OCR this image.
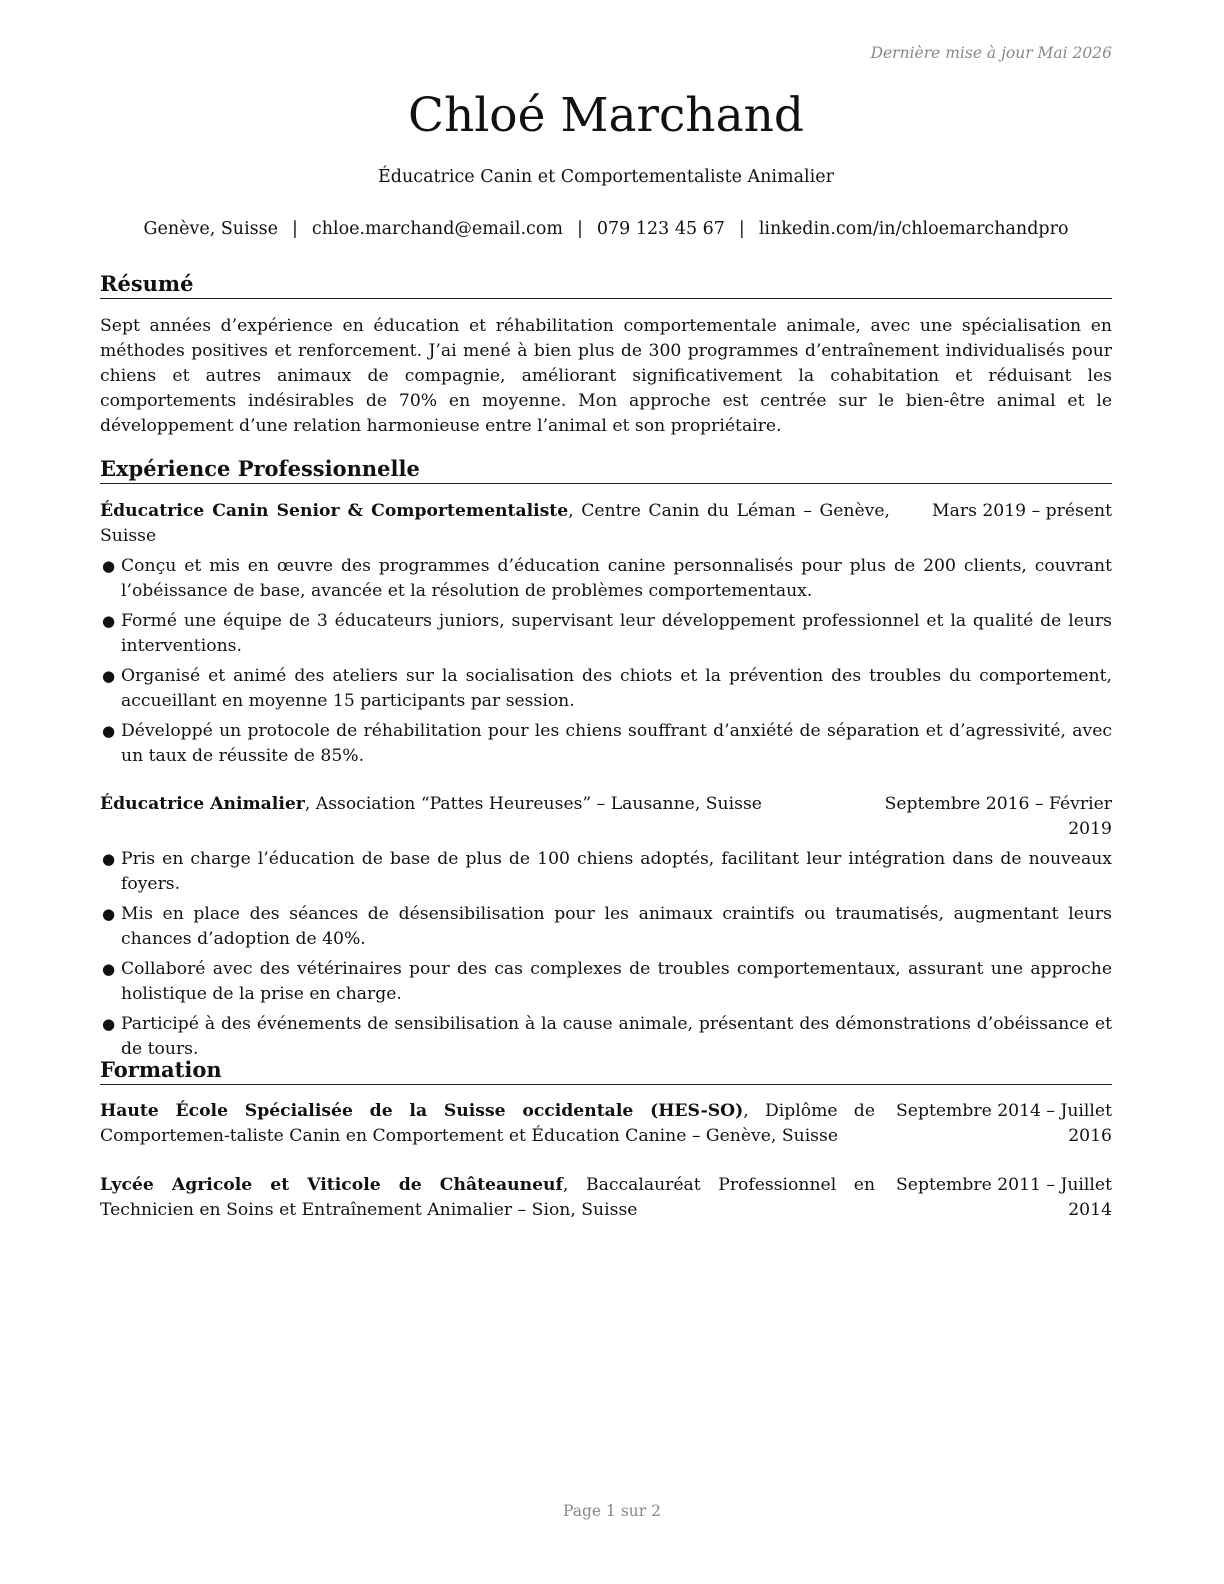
Dernière mise à jour Mai 2026
Chloé Marchand
Éducatrice Canin et Comportementaliste Animalier
Genève, Suisse | chloe.marchand@email.com | 079 123 45 67 | linkedin.com/in/chloemarchandpro
Résumé

Sept années d’expérience en éducation et réhabilitation comportementale animale, avec une spécialisation en méthodes positives et renforcement. J’ai mené à bien plus de 300 programmes d’entraînement individualisés pour chiens et autres animaux de compagnie, améliorant significativement la cohabitation et réduisant les comportements indésirables de 70% en moyenne. Mon approche est centrée sur le bien-être animal et le développement d’une relation harmonieuse entre l’animal et son propriétaire.

Expérience Professionnelle
Éducatrice Canin Senior & Comportementaliste, Centre Canin du Léman – Genève, Suisse
Mars 2019 – présent
● Conçu et mis en œuvre des programmes d’éducation canine personnalisés pour plus de 200 clients, couvrant l’obéissance de base, avancée et la résolution de problèmes comportementaux.
● Formé une équipe de 3 éducateurs juniors, supervisant leur développement professionnel et la qualité de leurs interventions.
● Organisé et animé des ateliers sur la socialisation des chiots et la prévention des troubles du comportement, accueillant en moyenne 15 participants par session.
● Développé un protocole de réhabilitation pour les chiens souffrant d’anxiété de séparation et d’agressivité, avec un taux de réussite de 85%.
Éducatrice Animalier, Association “Pattes Heureuses” – Lausanne, Suisse	Septembre 2016 – Février 2019
● Pris en charge l’éducation de base de plus de 100 chiens adoptés, facilitant leur intégration dans de nouveaux foyers.
● Mis en place des séances de désensibilisation pour les animaux craintifs ou traumatisés, augmentant leurs chances d’adoption de 40%.
● Collaboré avec des vétérinaires pour des cas complexes de troubles comportementaux, assurant une approche holistique de la prise en charge.
● Participé à des événements de sensibilisation à la cause animale, présentant des démonstrations d’obéissance et de tours.
Formation
Haute École Spécialisée de la Suisse occidentale (HES-SO), Diplôme de Comportemen-taliste Canin en Comportement et Éducation Canine – Genève, Suisse
Septembre 2014 – Juillet 2016
Lycée Agricole et Viticole de Châteauneuf, Baccalauréat Professionnel en Technicien en Soins et Entraînement Animalier – Sion, Suisse
Septembre 2011 – Juillet 2014
Page 1 sur 2
